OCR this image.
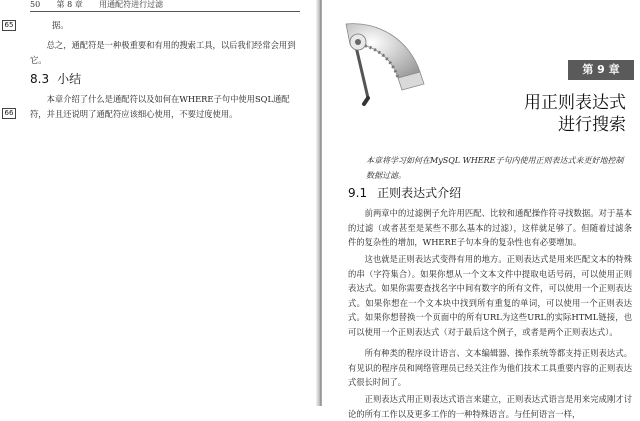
50 第 8 章 用通配符进行过滤
65	据。
总之，通配符是一种极重要和有用的搜索工具，以后我们经常会用到它。
8.3 小结
66
本章介绍了什么是通配符以及如何在WHERE子句中使用SQL通配符，并且还说明了通配符应该细心使用，不要过度使用。
第 9 章
用正则表达式
进行搜索
本章将学习如何在MySQL WHERE子句内使用正则表达式来更好地控制数据过滤。
9.1 正则表达式介绍
前两章中的过滤例子允许用匹配、比较和通配操作符寻找数据。对于基本的过滤（或者甚至是某些不那么基本的过滤），这样就足够了。但随着过滤条件的复杂性的增加，WHERE子句本身的复杂性也有必要增加。
这也就是正则表达式变得有用的地方。正则表达式是用来匹配文本的特殊的串（字符集合）。如果你想从一个文本文件中提取电话号码，可以使用正则表达式。如果你需要查找名字中间有数字的所有文件，可以使用一个正则表达式。如果你想在一个文本块中找到所有重复的单词，可以使用一个正则表达式。如果你想替换一个页面中的所有URL为这些URL的实际HTML链接，也可以使用一个正则表达式（对于最后这个例子，或者是两个正则表达式）。
所有种类的程序设计语言、文本编辑器、操作系统等都支持正则表达式。有见识的程序员和网络管理员已经关注作为他们技术工具重要内容的正则表达式很长时间了。
正则表达式用正则表达式语言来建立，正则表达式语言是用来完成刚才讨论的所有工作以及更多工作的一种特殊语言。与任何语言一样，
